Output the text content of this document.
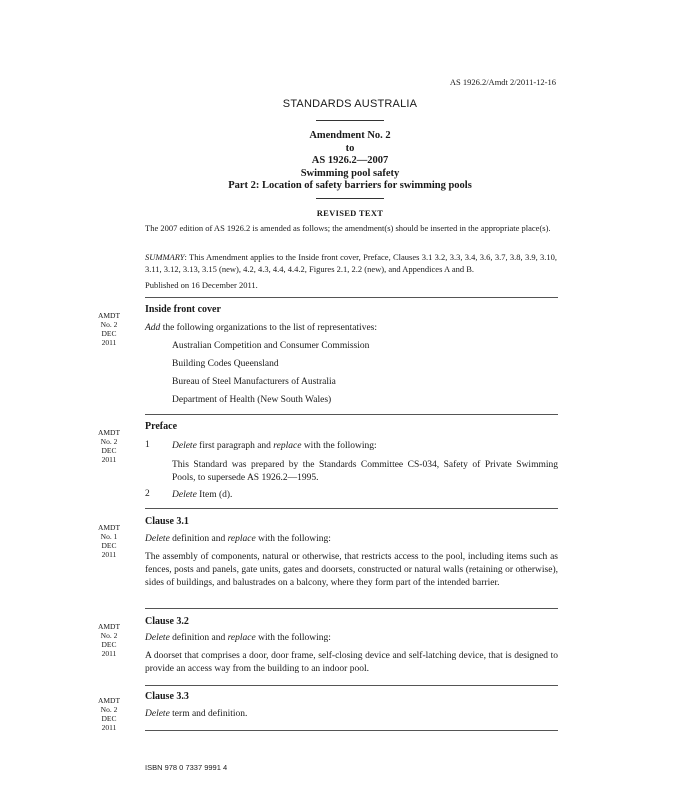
AS 1926.2/Amdt 2/2011-12-16
STANDARDS AUSTRALIA
Amendment No. 2
to
AS 1926.2—2007
Swimming pool safety
Part 2: Location of safety barriers for swimming pools
REVISED TEXT
The 2007 edition of AS 1926.2 is amended as follows; the amendment(s) should be inserted in the appropriate place(s).
SUMMARY: This Amendment applies to the Inside front cover, Preface, Clauses 3.1 3.2, 3.3, 3.4, 3.6, 3.7, 3.8, 3.9, 3.10, 3.11, 3.12, 3.13, 3.15 (new), 4.2, 4.3, 4.4, 4.4.2, Figures 2.1, 2.2 (new), and Appendices A and B.
Published on 16 December 2011.
AMDT
No. 2
DEC
2011
Inside front cover
Add the following organizations to the list of representatives:
Australian Competition and Consumer Commission
Building Codes Queensland
Bureau of Steel Manufacturers of Australia
Department of Health (New South Wales)
AMDT
No. 2
DEC
2011
Preface
1 Delete first paragraph and replace with the following:
This Standard was prepared by the Standards Committee CS-034, Safety of Private Swimming Pools, to supersede AS 1926.2—1995.
2 Delete Item (d).
AMDT
No. 1
DEC
2011
Clause 3.1
Delete definition and replace with the following:
The assembly of components, natural or otherwise, that restricts access to the pool, including items such as fences, posts and panels, gate units, gates and doorsets, constructed or natural walls (retaining or otherwise), sides of buildings, and balustrades on a balcony, where they form part of the intended barrier.
AMDT
No. 2
DEC
2011
Clause 3.2
Delete definition and replace with the following:
A doorset that comprises a door, door frame, self-closing device and self-latching device, that is designed to provide an access way from the building to an indoor pool.
AMDT
No. 2
DEC
2011
Clause 3.3
Delete term and definition.
ISBN 978 0 7337 9991 4
